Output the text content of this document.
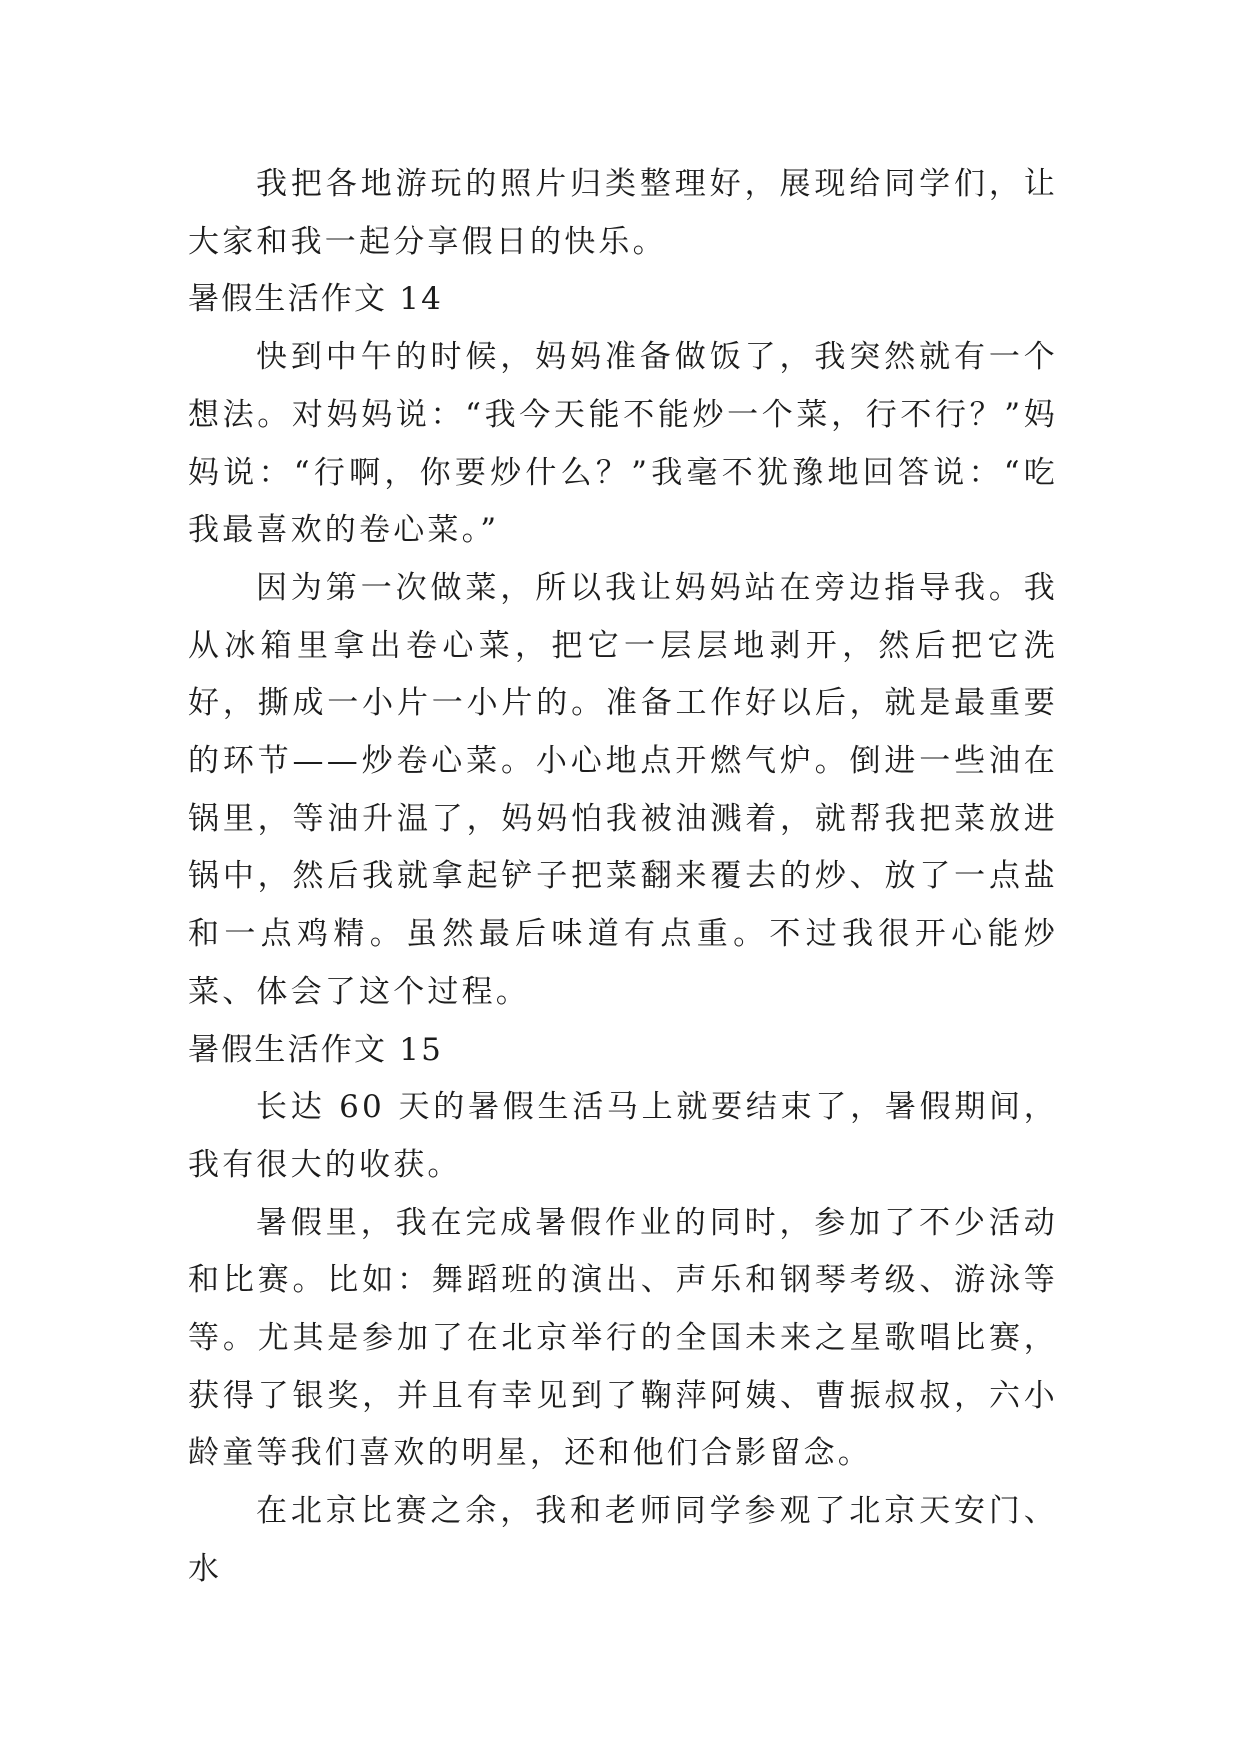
我把各地游玩的照片归类整理好，展现给同学们，让大家和我一起分享假日的快乐。

暑假生活作文 14

快到中午的时候，妈妈准备做饭了，我突然就有一个想法。对妈妈说：“我今天能不能炒一个菜，行不行？”妈妈说：“行啊，你要炒什么？”我毫不犹豫地回答说：“吃我最喜欢的卷心菜。”

因为第一次做菜，所以我让妈妈站在旁边指导我。我从冰箱里拿出卷心菜，把它一层层地剥开，然后把它洗好，撕成一小片一小片的。准备工作好以后，就是最重要的环节——炒卷心菜。小心地点开燃气炉。倒进一些油在锅里，等油升温了，妈妈怕我被油溅着，就帮我把菜放进锅中，然后我就拿起铲子把菜翻来覆去的炒、放了一点盐和一点鸡精。虽然最后味道有点重。不过我很开心能炒菜、体会了这个过程。

暑假生活作文 15

长达 60 天的暑假生活马上就要结束了，暑假期间，我有很大的收获。

暑假里，我在完成暑假作业的同时，参加了不少活动和比赛。比如：舞蹈班的演出、声乐和钢琴考级、游泳等等。尤其是参加了在北京举行的全国未来之星歌唱比赛，获得了银奖，并且有幸见到了鞠萍阿姨、曹振叔叔，六小龄童等我们喜欢的明星，还和他们合影留念。

在北京比赛之余，我和老师同学参观了北京天安门、水
